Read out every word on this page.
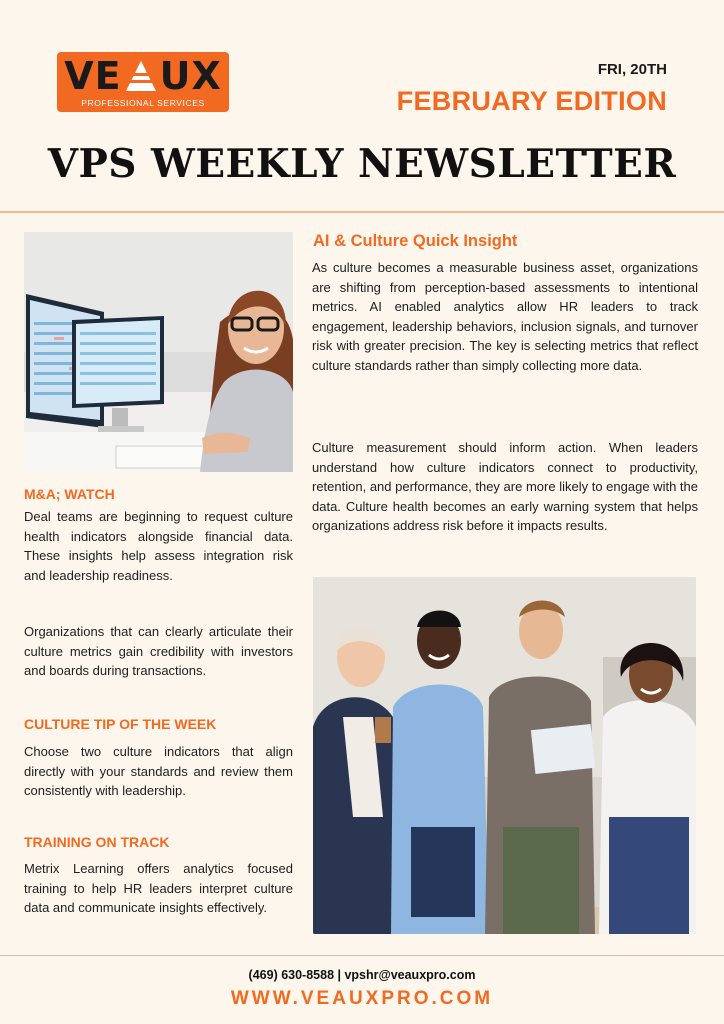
VE UX
PROFESSIONAL SERVICES
FRI, 20TH
FEBRUARY EDITION
VPS WEEKLY NEWSLETTER
AI & Culture Quick Insight

As culture becomes a measurable business asset, organizations are shifting from perception-based assessments to intentional metrics. AI enabled analytics allow HR leaders to track engagement, leadership behaviors, inclusion signals, and turnover risk with greater precision. The key is selecting metrics that reflect culture standards rather than simply collecting more data.

Culture measurement should inform action. When leaders understand how culture indicators connect to productivity, retention, and performance, they are more likely to engage with the data. Culture health becomes an early warning system that helps organizations address risk before it impacts results.

M&A; WATCH

Deal teams are beginning to request culture health indicators alongside financial data. These insights help assess integration risk and leadership readiness.

Organizations that can clearly articulate their culture metrics gain credibility with investors and boards during transactions.

CULTURE TIP OF THE WEEK

Choose two culture indicators that align directly with your standards and review them consistently with leadership.

TRAINING ON TRACK

Metrix Learning offers analytics focused training to help HR leaders interpret culture data and communicate insights effectively.

(469) 630-8588 | vpshr@veauxpro.com
WWW.VEAUXPRO.COM
